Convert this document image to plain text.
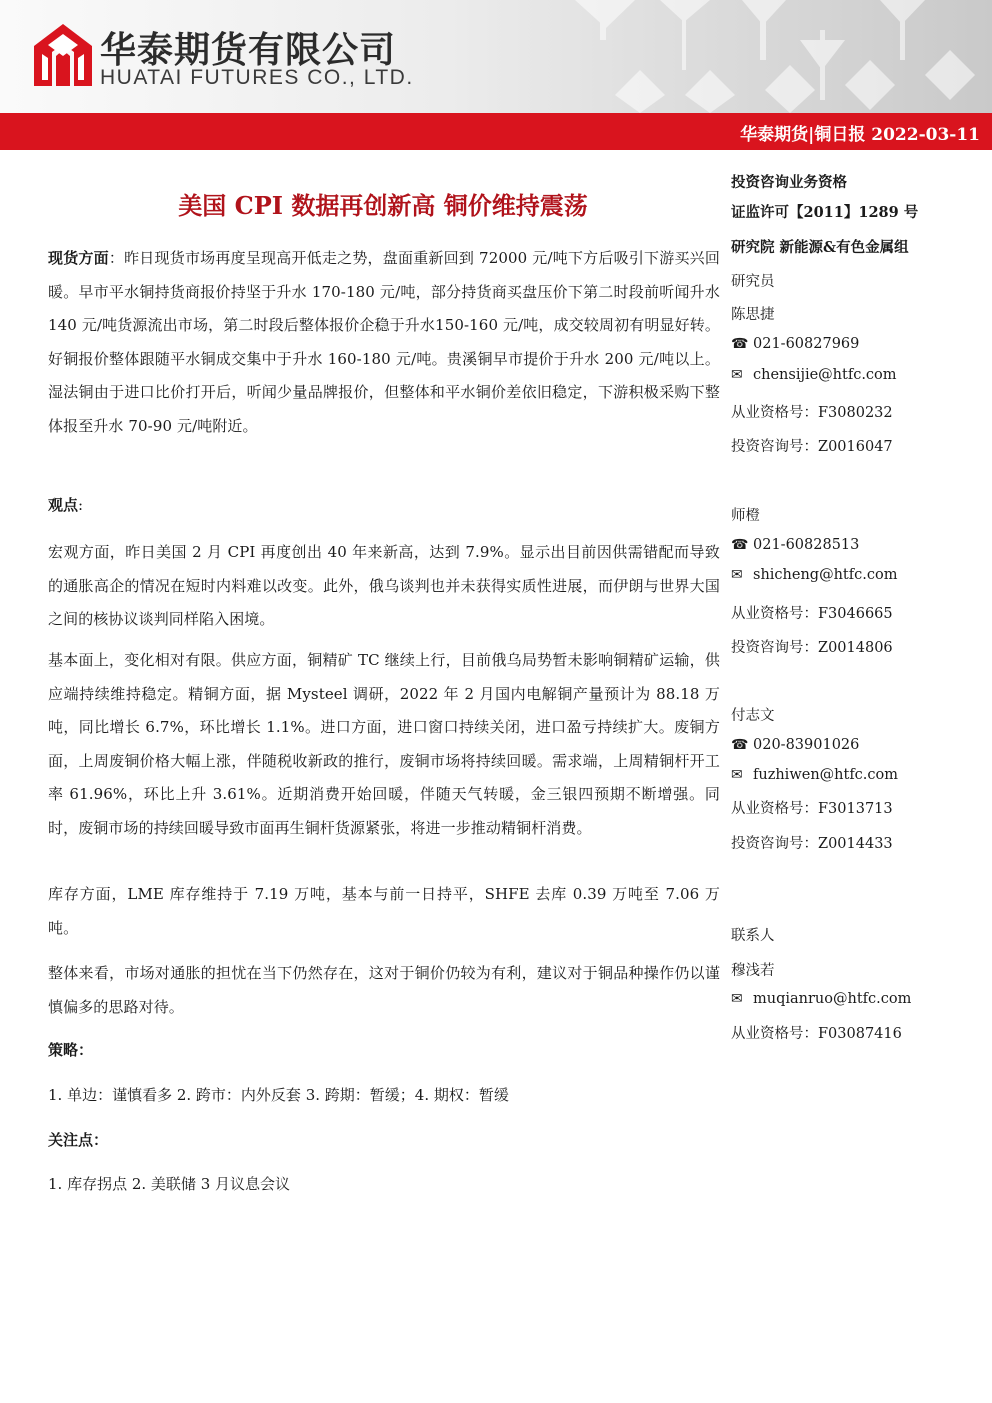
华泰期货有限公司
HUATAI FUTURES CO., LTD.
华泰期货|铜日报 2022-03-11
美国 CPI 数据再创新高 铜价维持震荡

现货方面：昨日现货市场再度呈现高开低走之势，盘面重新回到 72000 元/吨下方后吸引下游买兴回暖。早市平水铜持货商报价持坚于升水 170-180 元/吨，部分持货商买盘压价下第二时段前听闻升水140 元/吨货源流出市场，第二时段后整体报价企稳于升水150-160 元/吨，成交较周初有明显好转。好铜报价整体跟随平水铜成交集中于升水 160-180 元/吨。贵溪铜早市提价于升水 200 元/吨以上。湿法铜由于进口比价打开后，听闻少量品牌报价，但整体和平水铜价差依旧稳定，下游积极采购下整体报至升水 70-90 元/吨附近。

观点:

宏观方面，昨日美国 2 月 CPI 再度创出 40 年来新高，达到 7.9%。显示出目前因供需错配而导致的通胀高企的情况在短时内料难以改变。此外，俄乌谈判也并未获得实质性进展，而伊朗与世界大国之间的核协议谈判同样陷入困境。

基本面上，变化相对有限。供应方面，铜精矿 TC 继续上行，目前俄乌局势暂未影响铜精矿运输，供应端持续维持稳定。精铜方面，据 Mysteel 调研，2022 年 2 月国内电解铜产量预计为 88.18 万吨，同比增长 6.7%，环比增长 1.1%。进口方面，进口窗口持续关闭，进口盈亏持续扩大。废铜方面，上周废铜价格大幅上涨，伴随税收新政的推行，废铜市场将持续回暖。需求端，上周精铜杆开工率 61.96%，环比上升 3.61%。近期消费开始回暖，伴随天气转暖，金三银四预期不断增强。同时，废铜市场的持续回暖导致市面再生铜杆货源紧张，将进一步推动精铜杆消费。

库存方面，LME 库存维持于 7.19 万吨，基本与前一日持平，SHFE 去库 0.39 万吨至 7.06 万吨。

整体来看，市场对通胀的担忧在当下仍然存在，这对于铜价仍较为有利，建议对于铜品种操作仍以谨慎偏多的思路对待。

策略：

1. 单边：谨慎看多 2. 跨市：内外反套 3. 跨期：暂缓；4. 期权：暂缓

关注点：

1. 库存拐点 2. 美联储 3 月议息会议

投资咨询业务资格
证监许可【2011】1289 号
研究院 新能源&有色金属组
研究员
陈思捷
☎ 021-60827969
✉ chensijie@htfc.com
从业资格号：F3080232
投资咨询号：Z0016047
师橙
☎ 021-60828513
✉ shicheng@htfc.com
从业资格号：F3046665
投资咨询号：Z0014806
付志文
☎ 020-83901026
✉ fuzhiwen@htfc.com
从业资格号：F3013713
投资咨询号：Z0014433
联系人
穆浅若
✉ muqianruo@htfc.com
从业资格号：F03087416
